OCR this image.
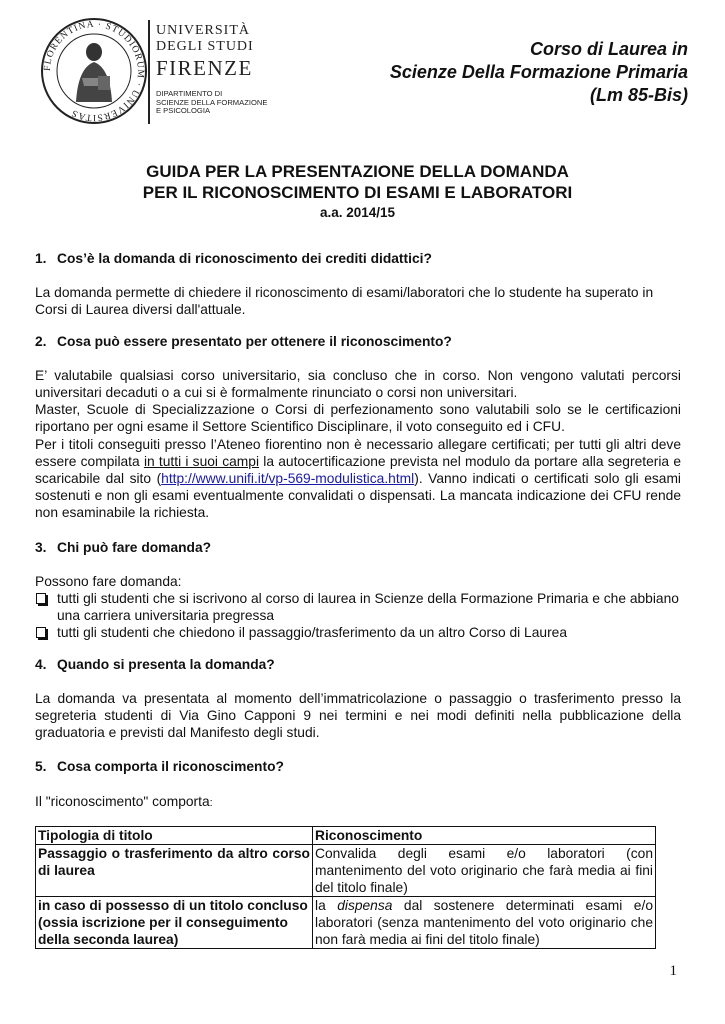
FLORENTINA · STUDIORUM · UNIVERSITAS
UNIVERSITÀ
DEGLI STUDI
FIRENZE
DIPARTIMENTO DI
SCIENZE DELLA FORMAZIONE
E PSICOLOGIA
Corso di Laurea in
Scienze Della Formazione Primaria
(Lm 85-Bis)
GUIDA PER LA PRESENTAZIONE DELLA DOMANDA
PER IL RICONOSCIMENTO DI ESAMI E LABORATORI
a.a. 2014/15

1. Cos’è la domanda di riconoscimento dei crediti didattici?

La domanda permette di chiedere il riconoscimento di esami/laboratori che lo studente ha superato in Corsi di Laurea diversi dall'attuale.

2. Cosa può essere presentato per ottenere il riconoscimento?

E’ valutabile qualsiasi corso universitario, sia concluso che in corso. Non vengono valutati percorsi universitari decaduti o a cui si è formalmente rinunciato o corsi non universitari.

Master, Scuole di Specializzazione o Corsi di perfezionamento sono valutabili solo se le certificazioni riportano per ogni esame il Settore Scientifico Disciplinare, il voto conseguito ed i CFU.

Per i titoli conseguiti presso l’Ateneo fiorentino non è necessario allegare certificati; per tutti gli altri deve essere compilata in tutti i suoi campi la autocertificazione prevista nel modulo da portare alla segreteria e scaricabile dal sito (http://www.unifi.it/vp-569-modulistica.html). Vanno indicati o certificati solo gli esami sostenuti e non gli esami eventualmente convalidati o dispensati. La mancata indicazione dei CFU rende non esaminabile la richiesta.

3. Chi può fare domanda?

Possono fare domanda:

tutti gli studenti che si iscrivono al corso di laurea in Scienze della Formazione Primaria e che abbiano una carriera universitaria pregressa
tutti gli studenti che chiedono il passaggio/trasferimento da un altro Corso di Laurea

4. Quando si presenta la domanda?

La domanda va presentata al momento dell’immatricolazione o passaggio o trasferimento presso la segreteria studenti di Via Gino Capponi 9 nei termini e nei modi definiti nella pubblicazione della graduatoria e previsti dal Manifesto degli studi.

5. Cosa comporta il riconoscimento?

Il "riconoscimento" comporta:

Tipologia di titolo	Riconoscimento
Passaggio o trasferimento da altro corso di laurea	Convalida degli esami e/o laboratori (con mantenimento del voto originario che farà media ai fini del titolo finale)
in caso di possesso di un titolo concluso (ossia iscrizione per il conseguimento della seconda laurea)	la dispensa dal sostenere determinati esami e/o laboratori (senza mantenimento del voto originario che non farà media ai fini del titolo finale)
1
